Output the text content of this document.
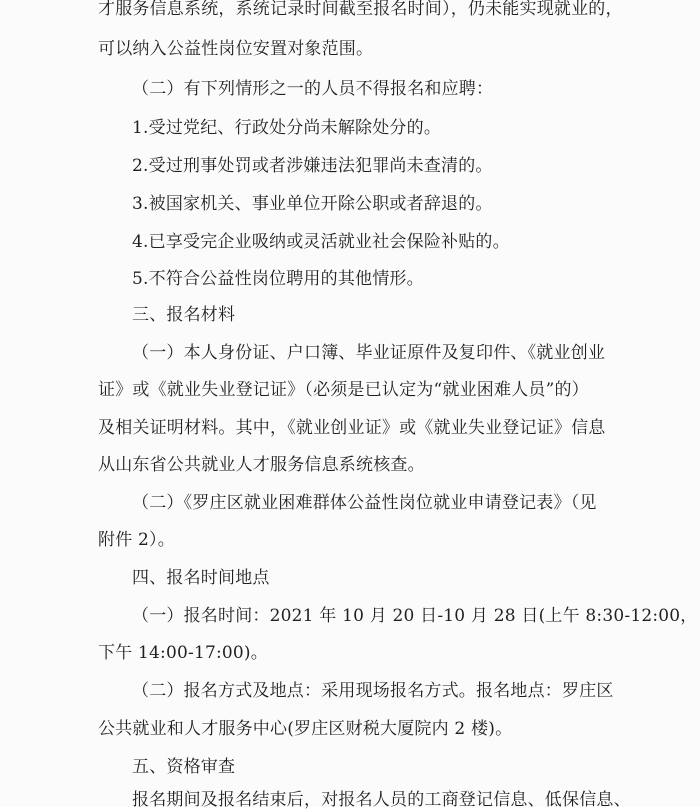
才服务信息系统，系统记录时间截至报名时间），仍未能实现就业的，
可以纳入公益性岗位安置对象范围。
（二）有下列情形之一的人员不得报名和应聘：
1.受过党纪、行政处分尚未解除处分的。
2.受过刑事处罚或者涉嫌违法犯罪尚未查清的。
3.被国家机关、事业单位开除公职或者辞退的。
4.已享受完企业吸纳或灵活就业社会保险补贴的。
5.不符合公益性岗位聘用的其他情形。
三、报名材料
（一）本人身份证、户口簿、毕业证原件及复印件、《就业创业
证》或《就业失业登记证》（必须是已认定为“就业困难人员”的）
及相关证明材料。其中，《就业创业证》或《就业失业登记证》信息
从山东省公共就业人才服务信息系统核查。
（二）《罗庄区就业困难群体公益性岗位就业申请登记表》（见
附件 2）。
四、报名时间地点
（一）报名时间：2021 年 10 月 20 日-10 月 28 日(上午 8:30-12:00，
下午 14:00-17:00)。
（二）报名方式及地点：采用现场报名方式。报名地点：罗庄区
公共就业和人才服务中心(罗庄区财税大厦院内 2 楼)。
五、资格审查
报名期间及报名结束后，对报名人员的工商登记信息、低保信息、
